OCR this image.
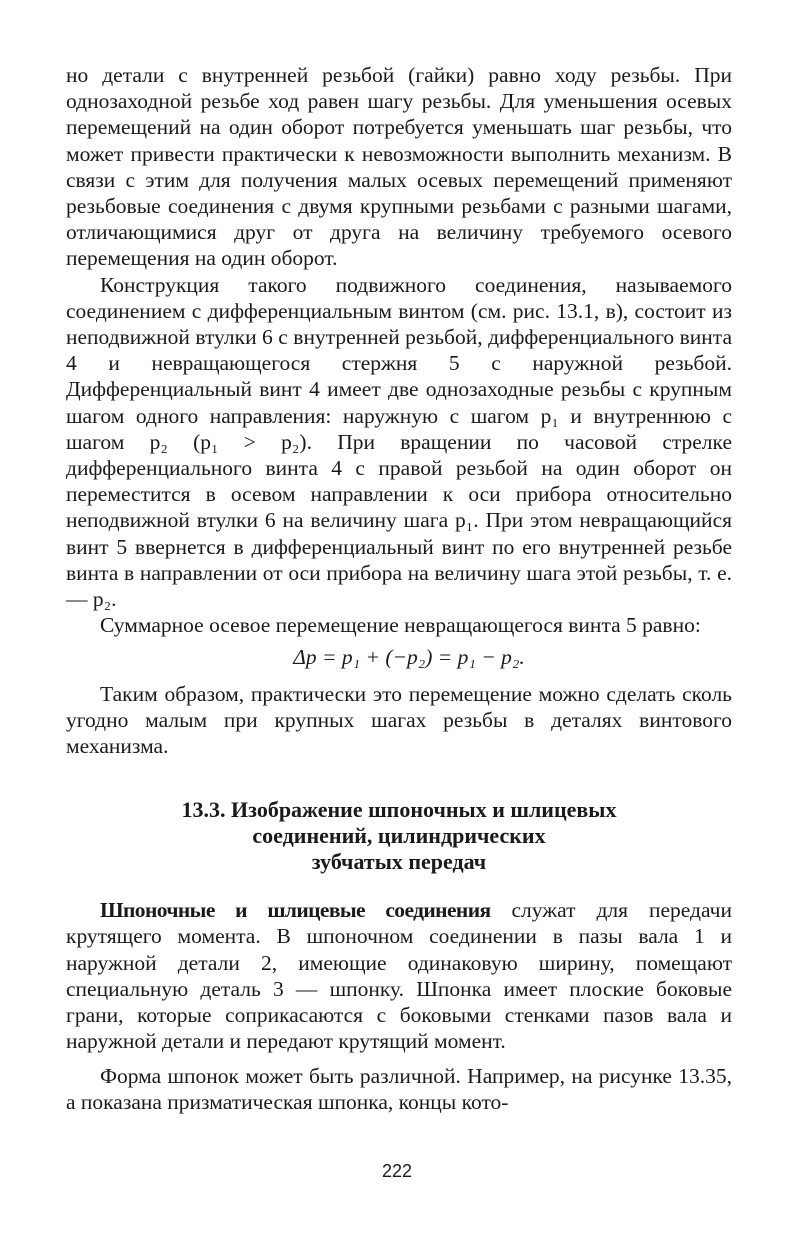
но детали с внутренней резьбой (гайки) равно ходу резьбы. При однозаходной резьбе ход равен шагу резьбы. Для уменьшения осевых перемещений на один оборот потребуется уменьшать шаг резьбы, что может привести практически к невозможности выполнить механизм. В связи с этим для получения малых осевых перемещений применяют резьбовые соединения с двумя крупными резьбами с разными шагами, отличающимися друг от друга на величину требуемого осевого перемещения на один оборот.

Конструкция такого подвижного соединения, называемого соединением с дифференциальным винтом (см. рис. 13.1, в), состоит из неподвижной втулки 6 с внутренней резьбой, дифференциального винта 4 и невращающегося стержня 5 с наружной резьбой. Дифференциальный винт 4 имеет две однозаходные резьбы с крупным шагом одного направления: наружную с шагом p₁ и внутреннюю с шагом p₂ (p₁ > p₂). При вращении по часовой стрелке дифференциального винта 4 с правой резьбой на один оборот он переместится в осевом направлении к оси прибора относительно неподвижной втулки 6 на величину шага p₁. При этом невращающийся винт 5 ввернется в дифференциальный винт по его внутренней резьбе винта в направлении от оси прибора на величину шага этой резьбы, т. е. — p₂.

Суммарное осевое перемещение невращающегося винта 5 равно:

Δp = p₁ + (−p₂) = p₁ − p₂.

Таким образом, практически это перемещение можно сделать сколь угодно малым при крупных шагах резьбы в деталях винтового механизма.

13.3. Изображение шпоночных и шлицевых
соединений, цилиндрических
зубчатых передач

Шпоночные и шлицевые соединения служат для передачи крутящего момента. В шпоночном соединении в пазы вала 1 и наружной детали 2, имеющие одинаковую ширину, помещают специальную деталь 3 — шпонку. Шпонка имеет плоские боковые грани, которые соприкасаются с боковыми стенками пазов вала и наружной детали и передают крутящий момент.

Форма шпонок может быть различной. Например, на рисунке 13.35, а показана призматическая шпонка, концы кото-

222
